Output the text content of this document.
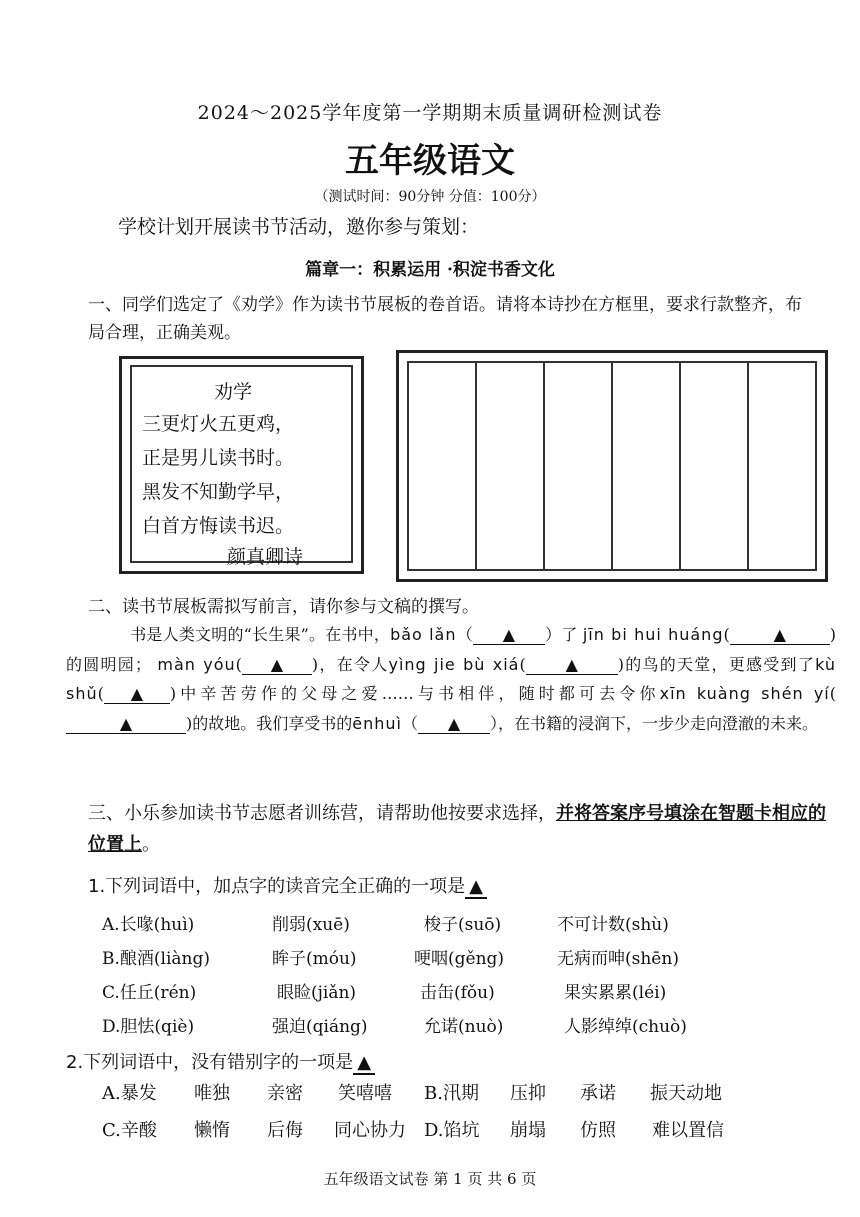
2024～2025学年度第一学期期末质量调研检测试卷
五年级语文
（测试时间：90分钟 分值：100分）
学校计划开展读书节活动，邀你参与策划：
篇章一：积累运用 ·积淀书香文化
一、同学们选定了《劝学》作为读书节展板的卷首语。请将本诗抄在方框里，要求行款整齐，布局合理，正确美观。
劝学
三更灯火五更鸡，
正是男儿读书时。
黑发不知勤学早，
白首方悔读书迟。
颜真卿诗
二、读书节展板需拟写前言，请你参与文稿的撰写。
书是人类文明的“长生果”。在书中，bǎo lǎn（ ▲ ）了 jīn bi hui huáng(	▲	)的圆明园； màn yóu( ▲ )，在令人yìng jie bù xiá( ▲ )的鸟的天堂，更感受到了kù shǔ( ▲ )中辛苦劳作的父母之爱……与书相伴，随时都可去令你xīn kuàng shén yí(▲	)的故地。我们享受书的ēnhuì（ ▲ ），在书籍的浸润下，一步少走向澄澈的未来。
三、小乐参加读书节志愿者训练营，请帮助他按要求选择，并将答案序号填涂在智题卡相应的位置上。
1.下列词语中，加点字的读音完全正确的一项是 ▲
A.长喙(huì)	削弱(xuē)	梭子(suō)	不可计数(shù)
B.酿酒(liàng)	眸子(móu)	哽咽(gěng)	无病而呻(shēn)
C.任丘(rén)	眼睑(jiǎn)	击缶(fǒu)	果实累累(léi)
D.胆怯(qiè)	强迫(qiáng)	允诺(nuò)	人影绰绰(chuò)
2.下列词语中，没有错别字的一项是 ▲
A.暴发 唯独 亲密 笑嘻嘻 B.汛期 压抑 承诺 振天动地
C.辛酸 懒惰 后侮 同心协力 D.馅坑 崩塌 仿照 难以置信
五年级语文试卷 第 1 页 共 6 页
